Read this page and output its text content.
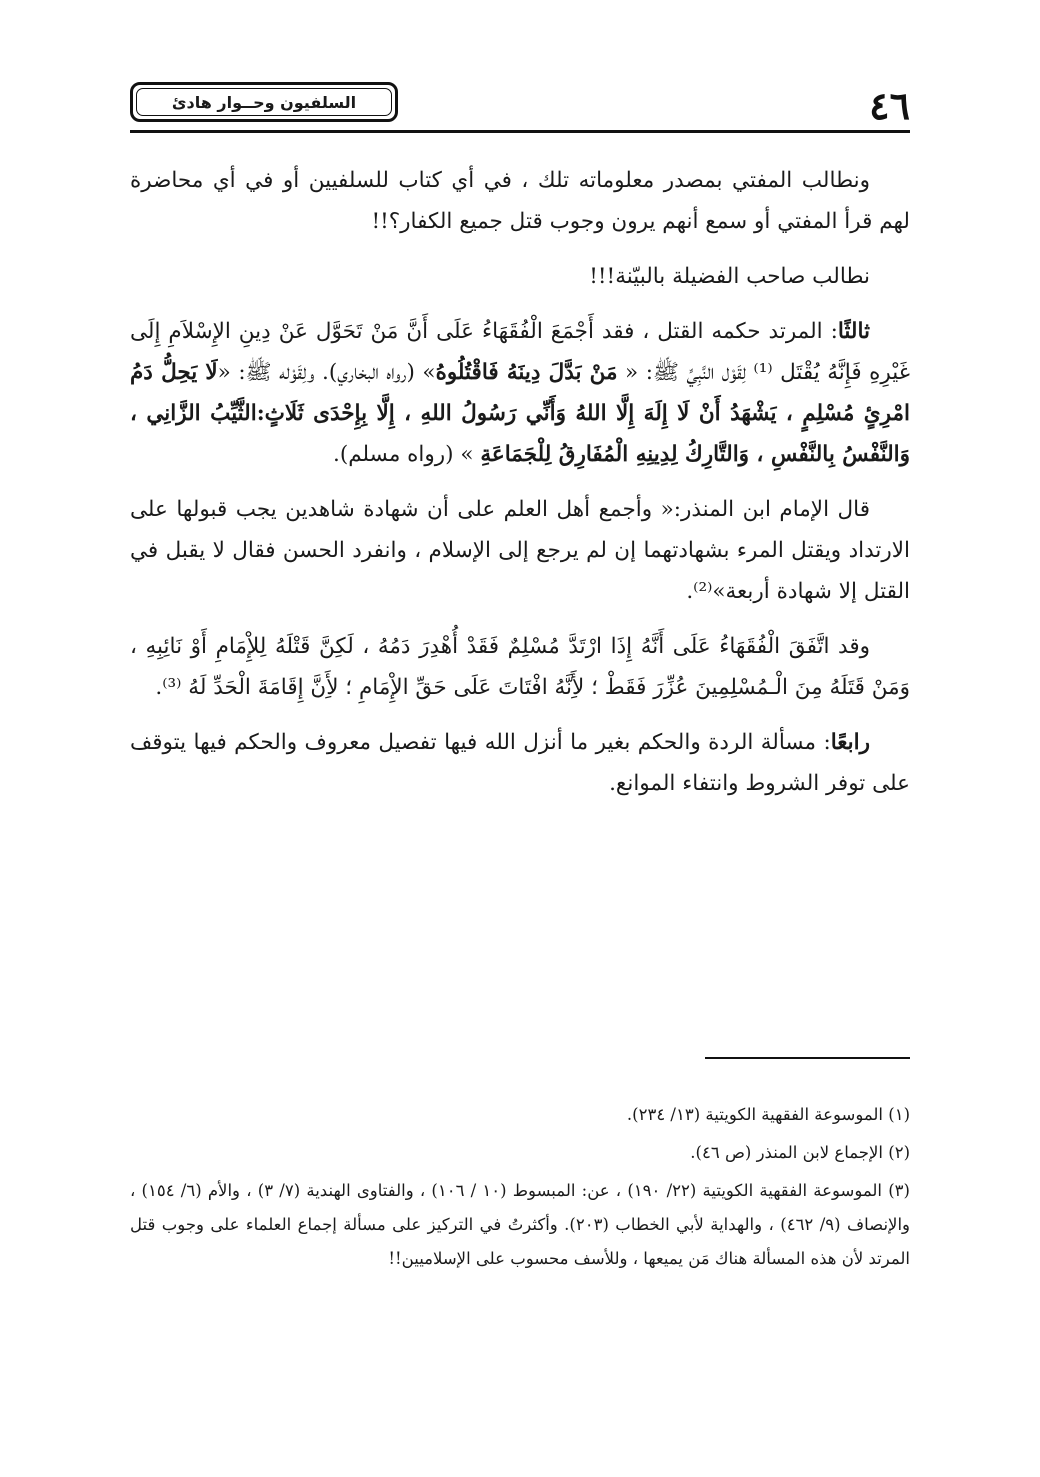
٤٦
السلفيون وحــوار هادئ

ونطالب المفتي بمصدر معلوماته تلك ، في أي كتاب للسلفيين أو في أي محاضرة لهم قرأ المفتي أو سمع أنهم يرون وجوب قتل جميع الكفار؟!!

نطالب صاحب الفضيلة بالبيّنة!!!

ثالثًا: المرتد حكمه القتل ، فقد أَجْمَعَ الْفُقَهَاءُ عَلَى أَنَّ مَنْ تَحَوَّل عَنْ دِينِ الإِسْلاَمِ إِلَى غَيْرِهِ فَإِنَّهُ يُقْتَل ⁽¹⁾ لِقَوْل النَّبِيِّ ﷺ: « مَنْ بَدَّلَ دِينَهُ فَاقْتُلُوهُ» (رواه البخاري). ولِقَوْله ﷺ: «لَا يَحِلُّ دَمُ امْرِئٍ مُسْلِمٍ ، يَشْهَدُ أَنْ لَا إِلَهَ إِلَّا اللهُ وَأَنِّي رَسُولُ اللهِ ، إِلَّا بِإِحْدَى ثَلَاثٍ:الثَّيِّبُ الزَّانِي ، وَالنَّفْسُ بِالنَّفْسِ ، وَالتَّارِكُ لِدِينِهِ الْمُفَارِقُ لِلْجَمَاعَةِ » (رواه مسلم).

قال الإمام ابن المنذر:« وأجمع أهل العلم على أن شهادة شاهدين يجب قبولها على الارتداد ويقتل المرء بشهادتهما إن لم يرجع إلى الإسلام ، وانفرد الحسن فقال لا يقبل في القتل إلا شهادة أربعة»⁽²⁾.

وقد اتَّفَقَ الْفُقَهَاءُ عَلَى أَنَّهُ إِذَا ارْتَدَّ مُسْلِمٌ فَقَدْ أُهْدِرَ دَمُهُ ، لَكِنَّ قَتْلَهُ لِلإِْمَامِ أَوْ نَائِبِهِ ، وَمَنْ قَتَلَهُ مِنَ الْـمُسْلِمِينَ عُزِّرَ فَقَطْ ؛ لأَِنَّهُ افْتَاتَ عَلَى حَقِّ الإِْمَامِ ؛ لأَِنَّ إِقَامَةَ الْحَدِّ لَهُ ⁽³⁾.

رابعًا: مسألة الردة والحكم بغير ما أنزل الله فيها تفصيل معروف والحكم فيها يتوقف على توفر الشروط وانتفاء الموانع.

(١) الموسوعة الفقهية الكويتية (١٣/ ٢٣٤).

(٢) الإجماع لابن المنذر (ص ٤٦).

(٣) الموسوعة الفقهية الكويتية (٢٢/ ١٩٠) ، عن: المبسوط (١٠ / ١٠٦) ، والفتاوى الهندية (٧/ ٣) ، والأم (٦/ ١٥٤) ، والإنصاف (٩/ ٤٦٢) ، والهداية لأبي الخطاب (٢٠٣). وأكثرتُ في التركيز على مسألة إجماع العلماء على وجوب قتل المرتد لأن هذه المسألة هناك مَن يميعها ، وللأسف محسوب على الإسلاميين!!
